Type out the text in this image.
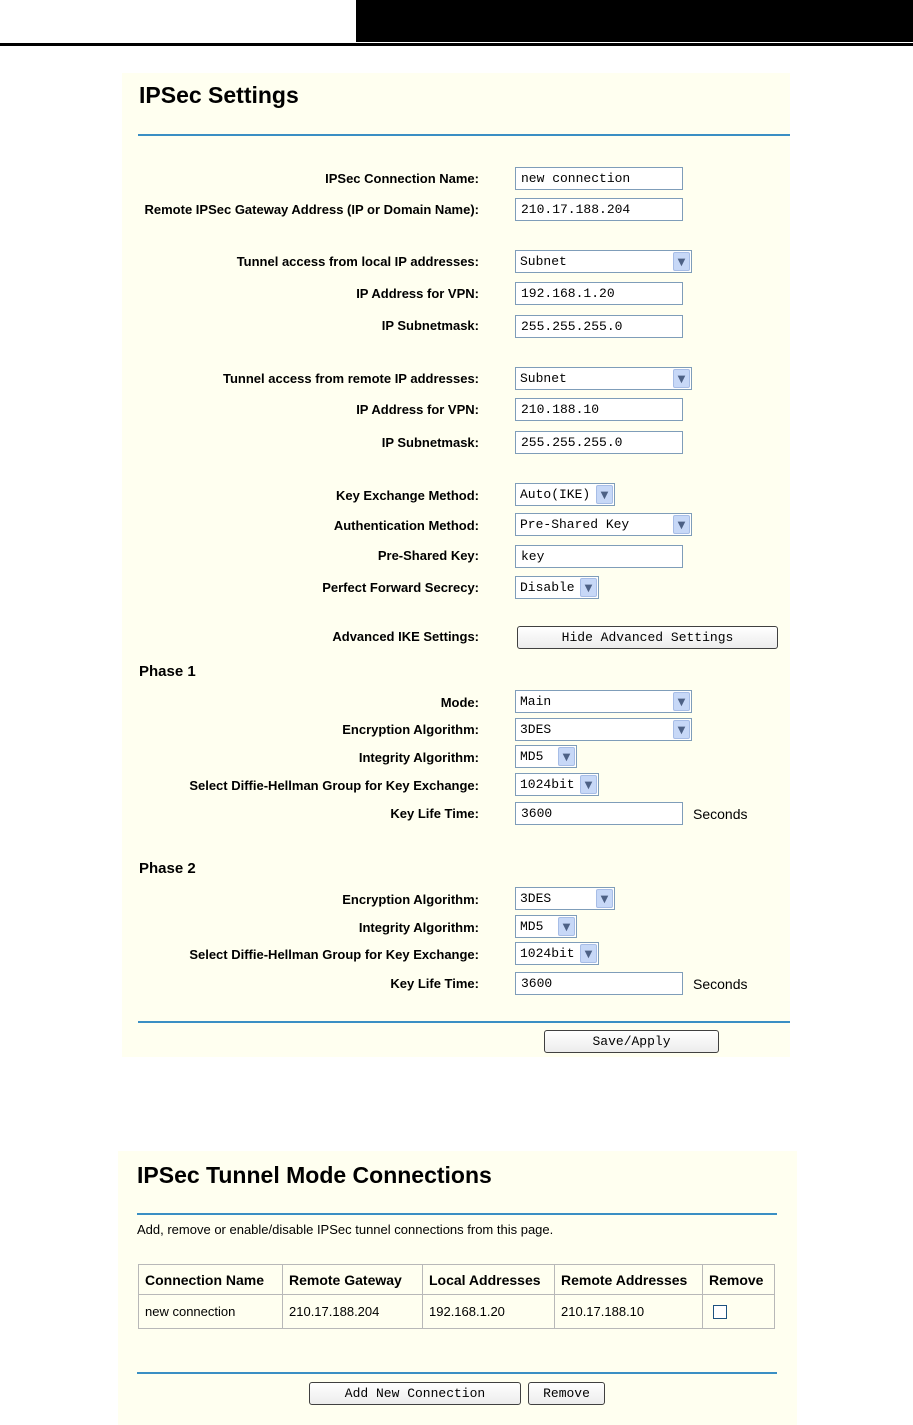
IPSec Settings
IPSec Connection Name:	new connection
Remote IPSec Gateway Address (IP or Domain Name):	210.17.188.204
Tunnel access from local IP addresses:	Subnet	▼
IP Address for VPN:	192.168.1.20
IP Subnetmask:	255.255.255.0
Tunnel access from remote IP addresses:	Subnet	▼
IP Address for VPN:	210.188.10
IP Subnetmask:	255.255.255.0
Key Exchange Method:	Auto(IKE)	▼
Authentication Method:	Pre-Shared Key	▼
Pre-Shared Key:	key
Perfect Forward Secrecy:	Disable	▼
Advanced IKE Settings:	Hide Advanced Settings
Phase 1
Mode:	Main	▼
Encryption Algorithm:	3DES	▼
Integrity Algorithm:	MD5	▼
Select Diffie-Hellman Group for Key Exchange:	1024bit	▼
Key Life Time:	3600	Seconds
Phase 2
Encryption Algorithm:	3DES	▼
Integrity Algorithm:	MD5	▼
Select Diffie-Hellman Group for Key Exchange:	1024bit	▼
Key Life Time:	3600	Seconds
Save/Apply
IPSec Tunnel Mode Connections
Add, remove or enable/disable IPSec tunnel connections from this page.
Connection Name	Remote Gateway	Local Addresses	Remote Addresses	Remove
new connection	210.17.188.204	192.168.1.20	210.17.188.10	
Add New Connection	Remove
